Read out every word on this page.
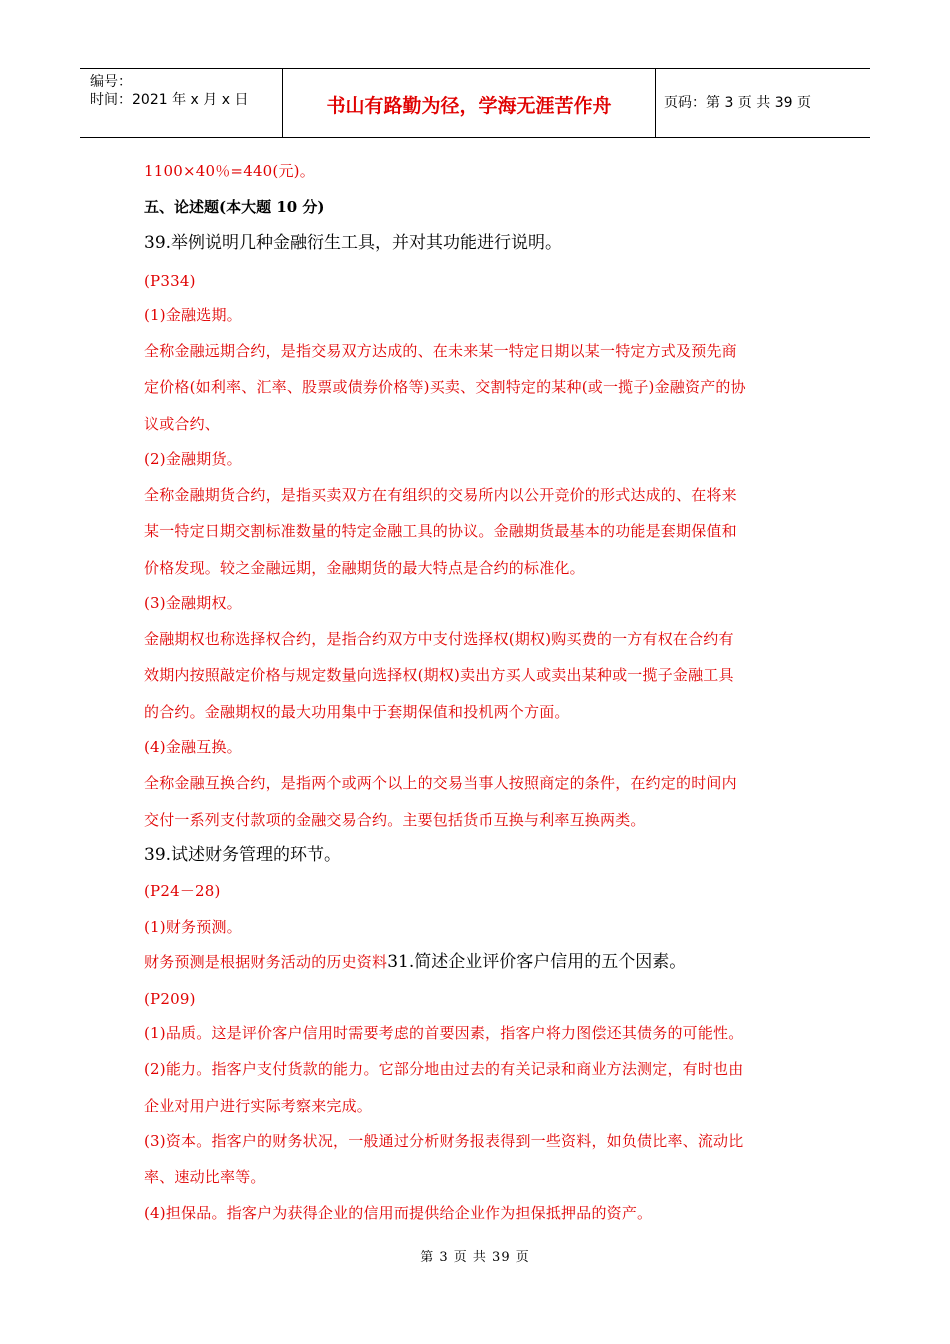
编号：
时间：2021 年 x 月 x 日	书山有路勤为径，学海无涯苦作舟	页码：第 3 页 共 39 页
1100×40％=440(元)。
五、论述题(本大题 10 分)
39.举例说明几种金融衍生工具，并对其功能进行说明。
(P334)
(1)金融选期。
全称金融远期合约，是指交易双方达成的、在未来某一特定日期以某一特定方式及预先商
定价格(如利率、汇率、股票或债券价格等)买卖、交割特定的某种(或一揽子)金融资产的协
议或合约、
(2)金融期货。
全称金融期货合约，是指买卖双方在有组织的交易所内以公开竞价的形式达成的、在将来
某一特定日期交割标准数量的特定金融工具的协议。金融期货最基本的功能是套期保值和
价格发现。较之金融远期，金融期货的最大特点是合约的标准化。
(3)金融期权。
金融期权也称选择权合约，是指合约双方中支付选择权(期权)购买费的一方有权在合约有
效期内按照敲定价格与规定数量向选择权(期权)卖出方买人或卖出某种或一揽子金融工具
的合约。金融期权的最大功用集中于套期保值和投机两个方面。
(4)金融互换。
全称金融互换合约，是指两个或两个以上的交易当事人按照商定的条件，在约定的时间内
交付一系列支付款项的金融交易合约。主要包括货币互换与利率互换两类。
39.试述财务管理的环节。
(P24－28)
(1)财务预测。
财务预测是根据财务活动的历史资料31.简述企业评价客户信用的五个因素。
(P209)
(1)品质。这是评价客户信用时需要考虑的首要因素，指客户将力图偿还其债务的可能性。
(2)能力。指客户支付货款的能力。它部分地由过去的有关记录和商业方法测定，有时也由
企业对用户进行实际考察来完成。
(3)资本。指客户的财务状况，一般通过分析财务报表得到一些资料，如负债比率、流动比
率、速动比率等。
(4)担保品。指客户为获得企业的信用而提供给企业作为担保抵押品的资产。
第 3 页 共 39 页
